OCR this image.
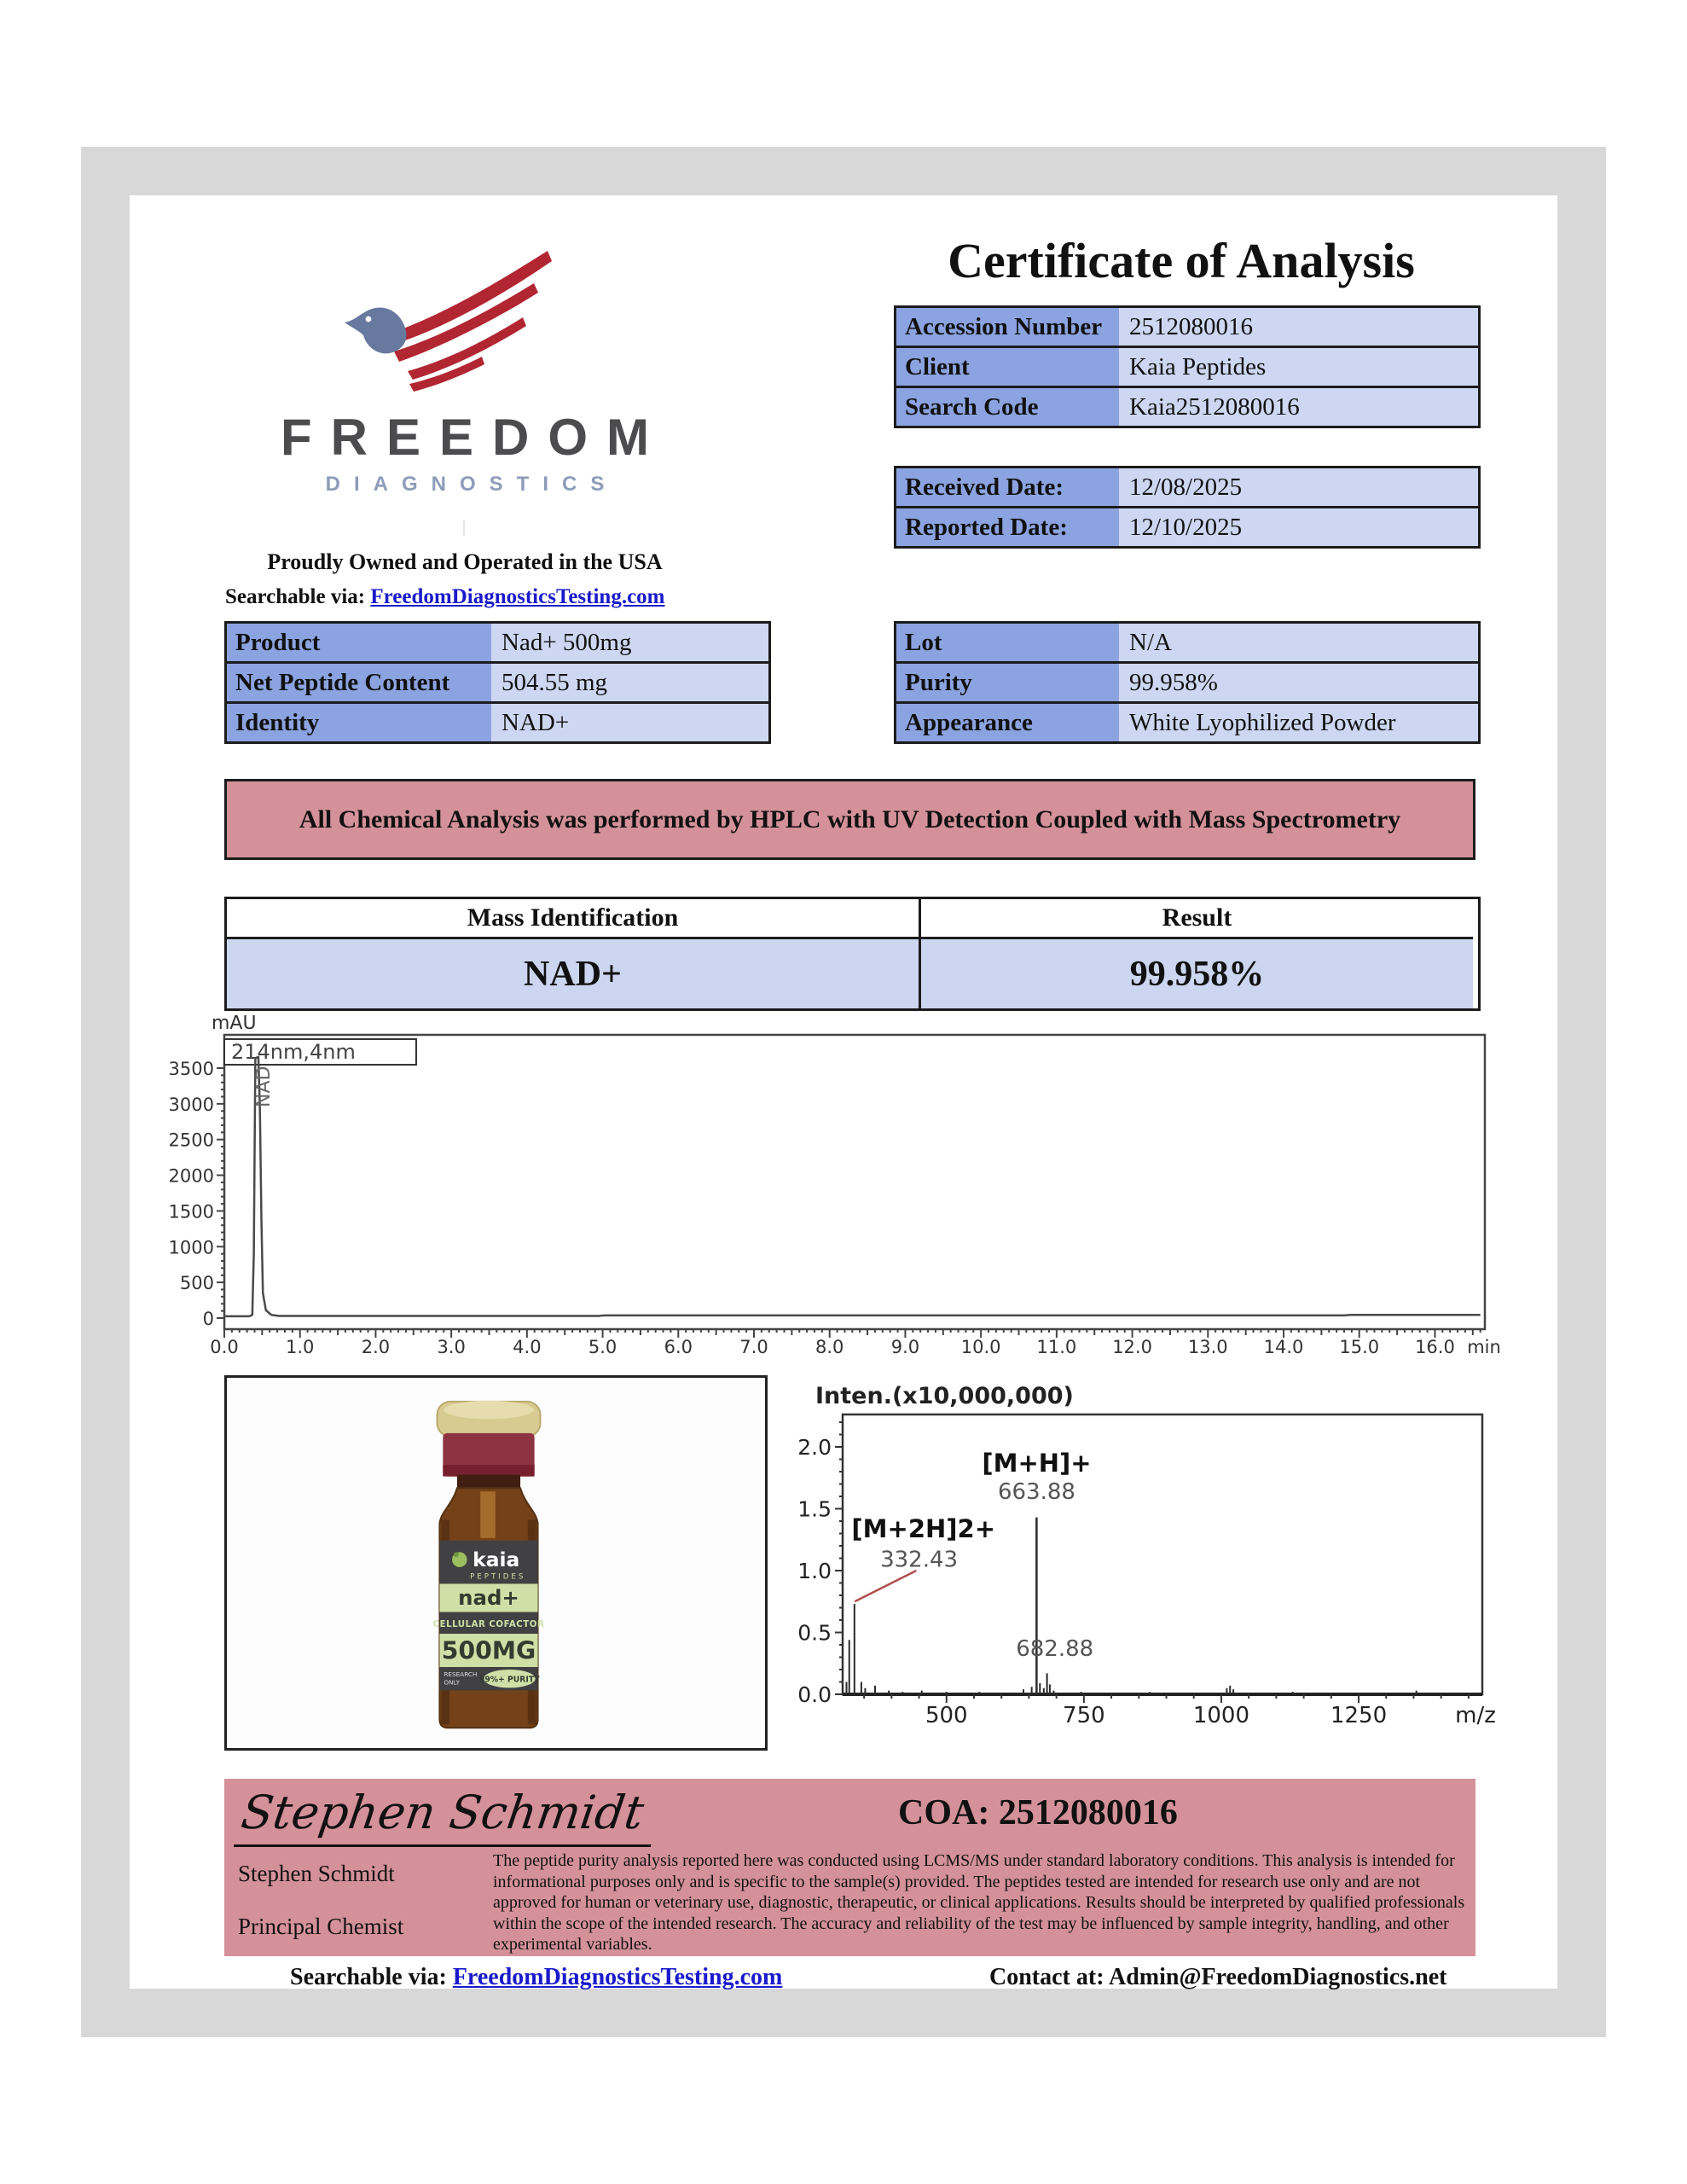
FREEDOM
DIAGNOSTICS
|
Proudly Owned and Operated in the USA
Searchable via: FreedomDiagnosticsTesting.com
Certificate of Analysis
Accession Number	2512080016
Client	Kaia Peptides
Search Code	Kaia2512080016
Received Date:	12/08/2025
Reported Date:	12/10/2025
Product	Nad+ 500mg
Net Peptide Content	504.55 mg
Identity	NAD+
Lot	N/A
Purity	99.958%
Appearance	White Lyophilized Powder
All Chemical Analysis was performed by HPLC with UV Detection Coupled with Mass Spectrometry
Mass Identification	Result
NAD+	99.958%
mAU
0
500
1000
1500
2000
2500
3000
3500
0.0	1.0	2.0	3.0	4.0	5.0	6.0	7.0	8.0	9.0 10.0 11.0 12.0 13.0 14.0 15.0 16.0 min
214nm,4nm
NAD
kaia
PEPTIDES
nad+
CELLULAR COFACTOR
500MG
RESEARCH
ONLY 99%+ PURITY
Inten.(x10,000,000)
0.0
0.5
1.0
1.5
2.0
500	750	1000	1250	m/z
[M+2H]2+
332.43
[M+H]+
663.88
682.88
Stephen Schmidt	COA: 2512080016
Stephen Schmidt
Principal Chemist
The peptide purity analysis reported here was conducted using LCMS/MS under standard laboratory conditions. This analysis is intended for informational purposes only and is specific to the sample(s) provided. The peptides tested are intended for research use only and are not approved for human or veterinary use, diagnostic, therapeutic, or clinical applications. Results should be interpreted by qualified professionals within the scope of the intended research. The accuracy and reliability of the test may be influenced by sample integrity, handling, and other experimental variables.
Searchable via: FreedomDiagnosticsTesting.com	Contact at: Admin@FreedomDiagnostics.net
